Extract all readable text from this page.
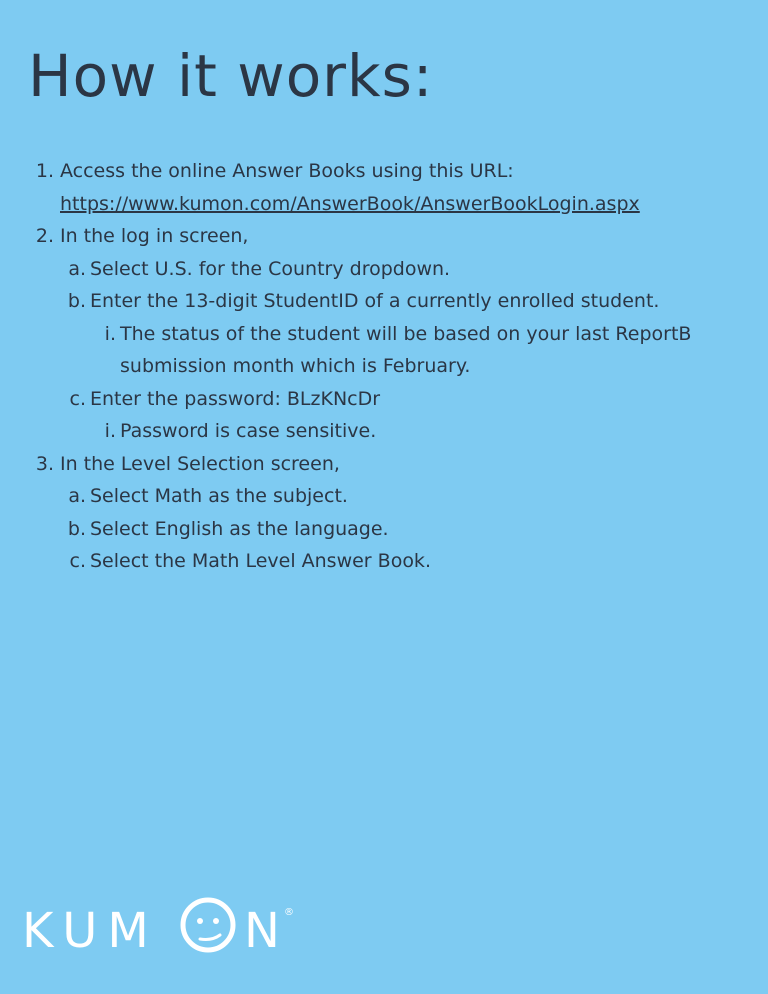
How it works:
1. Access the online Answer Books using this URL:
https://www.kumon.com/AnswerBook/AnswerBookLogin.aspx
2. In the log in screen,
a. Select U.S. for the Country dropdown.
b. Enter the 13-digit StudentID of a currently enrolled student.
i. The status of the student will be based on your last ReportB
submission month which is February.
c. Enter the password: BLzKNcDr
i. Password is case sensitive.
3. In the Level Selection screen,
a. Select Math as the subject.
b. Select English as the language.
c. Select the Math Level Answer Book.
KUM N ®
